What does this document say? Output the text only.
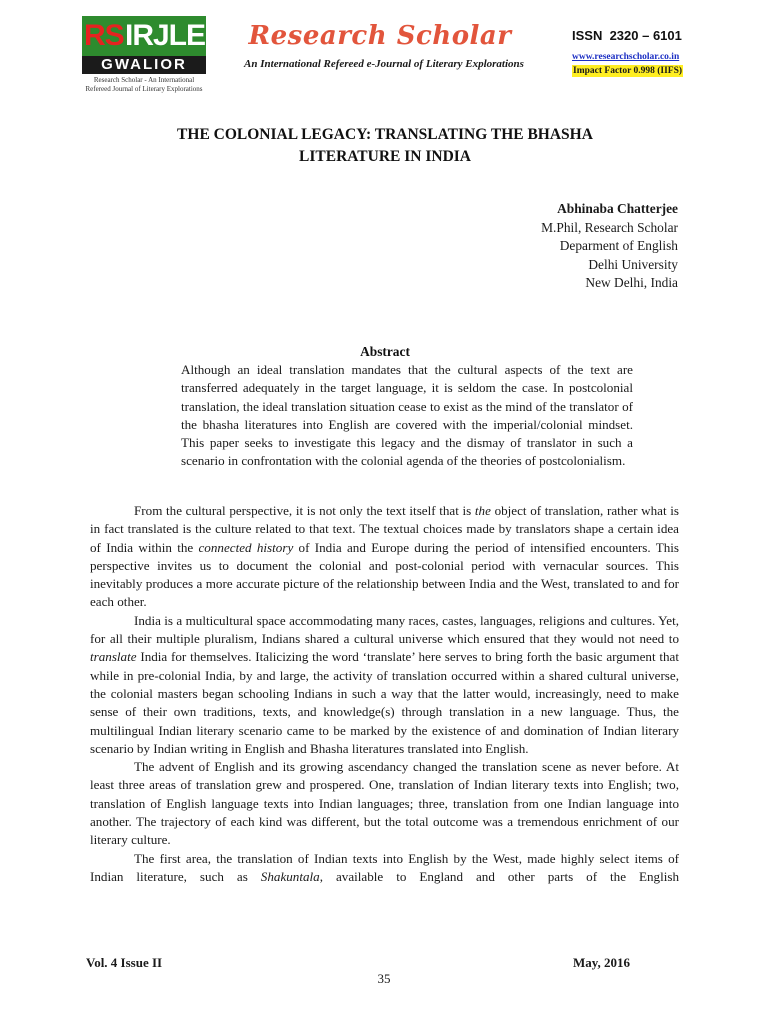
RS IRJLE
GWALIOR
Research Scholar - An International
Refereed Journal of Literary Explorations
Research Scholar
An International Refereed e-Journal of Literary Explorations
ISSN 2320 – 6101
www.researchscholar.co.in
Impact Factor 0.998 (IIFS)
THE COLONIAL LEGACY: TRANSLATING THE BHASHA
LITERATURE IN INDIA
Abhinaba Chatterjee
M.Phil, Research Scholar
Deparment of English
Delhi University
New Delhi, India
Abstract

Although an ideal translation mandates that the cultural aspects of the text are transferred adequately in the target language, it is seldom the case. In postcolonial translation, the ideal translation situation cease to exist as the mind of the translator of the bhasha literatures into English are covered with the imperial/colonial mindset. This paper seeks to investigate this legacy and the dismay of translator in such a scenario in confrontation with the colonial agenda of the theories of postcolonialism.

From the cultural perspective, it is not only the text itself that is the object of translation, rather what is in fact translated is the culture related to that text. The textual choices made by translators shape a certain idea of India within the connected history of India and Europe during the period of intensified encounters. This perspective invites us to document the colonial and post-colonial period with vernacular sources. This inevitably produces a more accurate picture of the relationship between India and the West, translated to and for each other.

India is a multicultural space accommodating many races, castes, languages, religions and cultures. Yet, for all their multiple pluralism, Indians shared a cultural universe which ensured that they would not need to translate India for themselves. Italicizing the word ‘translate’ here serves to bring forth the basic argument that while in pre-colonial India, by and large, the activity of translation occurred within a shared cultural universe, the colonial masters began schooling Indians in such a way that the latter would, increasingly, need to make sense of their own traditions, texts, and knowledge(s) through translation in a new language. Thus, the multilingual Indian literary scenario came to be marked by the existence of and domination of Indian literary scenario by Indian writing in English and Bhasha literatures translated into English.

The advent of English and its growing ascendancy changed the translation scene as never before. At least three areas of translation grew and prospered. One, translation of Indian literary texts into English; two, translation of English language texts into Indian languages; three, translation from one Indian language into another. The trajectory of each kind was different, but the total outcome was a tremendous enrichment of our literary culture.

The first area, the translation of Indian texts into English by the West, made highly select items of Indian literature, such as Shakuntala, available to England and other parts of the English

Vol. 4 Issue II	May, 2016
35
